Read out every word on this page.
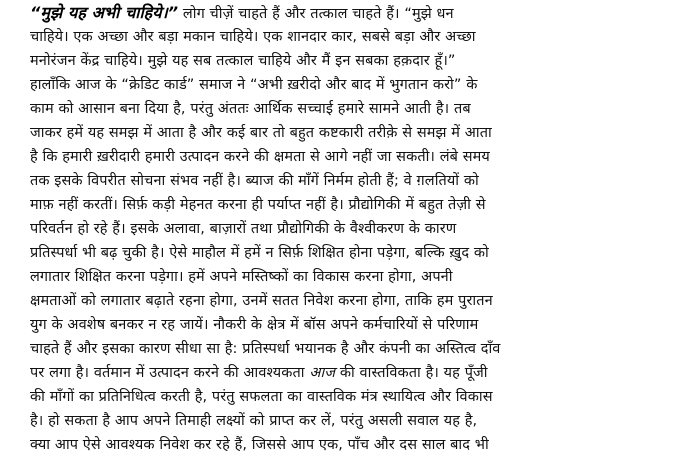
“मुझे यह अभी चाहिये।” लोग चीज़ें चाहते हैं और तत्काल चाहते हैं। “मुझे धन
चाहिये। एक अच्छा और बड़ा मकान चाहिये। एक शानदार कार, सबसे बड़ा और अच्छा
मनोरंजन केंद्र चाहिये। मुझे यह सब तत्काल चाहिये और मैं इन सबका हक़दार हूँ।”
हालाँकि आज के “क्रेडिट कार्ड” समाज ने “अभी ख़रीदो और बाद में भुगतान करो” के
काम को आसान बना दिया है, परंतु अंततः आर्थिक सच्चाई हमारे सामने आती है। तब
जाकर हमें यह समझ में आता है और कई बार तो बहुत कष्टकारी तरीक़े से समझ में आता
है कि हमारी ख़रीदारी हमारी उत्पादन करने की क्षमता से आगे नहीं जा सकती। लंबे समय
तक इसके विपरीत सोचना संभव नहीं है। ब्याज की माँगें निर्मम होती हैं; वे ग़लतियों को
माफ़ नहीं करतीं। सिर्फ़ कड़ी मेहनत करना ही पर्याप्त नहीं है। प्रौद्योगिकी में बहुत तेज़ी से
परिवर्तन हो रहे हैं। इसके अलावा, बाज़ारों तथा प्रौद्योगिकी के वैश्वीकरण के कारण
प्रतिस्पर्धा भी बढ़ चुकी है। ऐसे माहौल में हमें न सिर्फ़ शिक्षित होना पड़ेगा, बल्कि ख़ुद को
लगातार शिक्षित करना पड़ेगा। हमें अपने मस्तिष्कों का विकास करना होगा, अपनी
क्षमताओं को लगातार बढ़ाते रहना होगा, उनमें सतत निवेश करना होगा, ताकि हम पुरातन
युग के अवशेष बनकर न रह जायें। नौकरी के क्षेत्र में बॉस अपने कर्मचारियों से परिणाम
चाहते हैं और इसका कारण सीधा सा है: प्रतिस्पर्धा भयानक है और कंपनी का अस्तित्व दाँव
पर लगा है। वर्तमान में उत्पादन करने की आवश्यकता आज की वास्तविकता है। यह पूँजी
की माँगों का प्रतिनिधित्व करती है, परंतु सफलता का वास्तविक मंत्र स्थायित्व और विकास
है। हो सकता है आप अपने तिमाही लक्ष्यों को प्राप्त कर लें, परंतु असली सवाल यह है,
क्या आप ऐसे आवश्यक निवेश कर रहे हैं, जिससे आप एक, पाँच और दस साल बाद भी
